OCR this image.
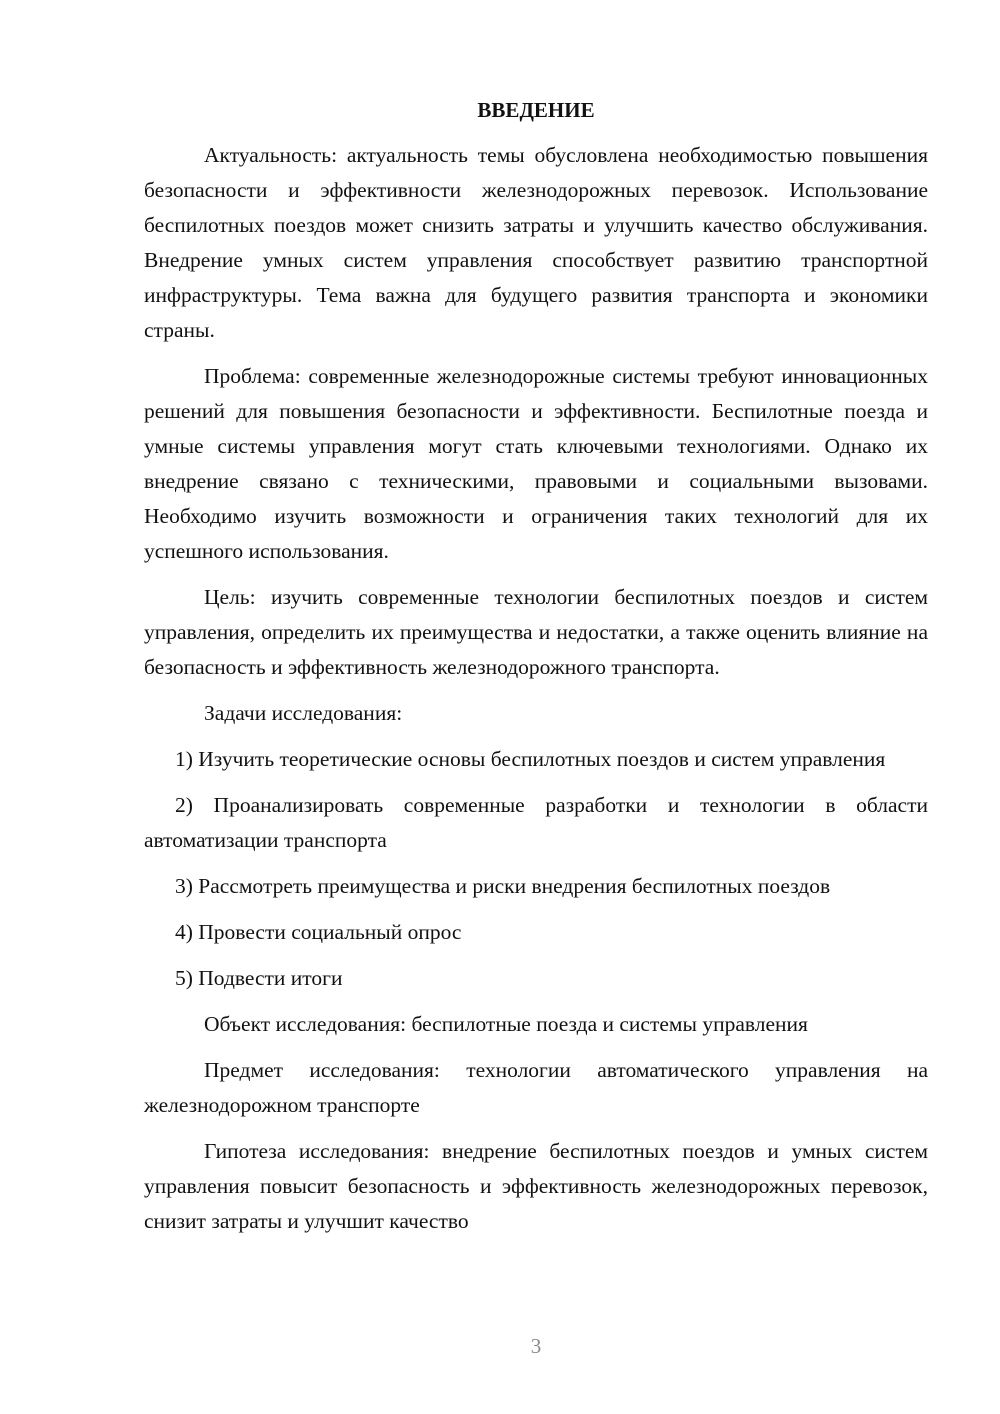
ВВЕДЕНИЕ

Актуальность: актуальность темы обусловлена необходимостью повышения безопасности и эффективности железнодорожных перевозок. Использование беспилотных поездов может снизить затраты и улучшить качество обслуживания. Внедрение умных систем управления способствует развитию транспортной инфраструктуры. Тема важна для будущего развития транспорта и экономики страны.

Проблема: современные железнодорожные системы требуют инновационных решений для повышения безопасности и эффективности. Беспилотные поезда и умные системы управления могут стать ключевыми технологиями. Однако их внедрение связано с техническими, правовыми и социальными вызовами. Необходимо изучить возможности и ограничения таких технологий для их успешного использования.

Цель: изучить современные технологии беспилотных поездов и систем управления, определить их преимущества и недостатки, а также оценить влияние на безопасность и эффективность железнодорожного транспорта.

Задачи исследования:

1) Изучить теоретические основы беспилотных поездов и систем управления

2) Проанализировать современные разработки и технологии в области автоматизации транспорта

3) Рассмотреть преимущества и риски внедрения беспилотных поездов

4) Провести социальный опрос

5) Подвести итоги

Объект исследования: беспилотные поезда и системы управления

Предмет исследования: технологии автоматического управления на железнодорожном транспорте

Гипотеза исследования: внедрение беспилотных поездов и умных систем управления повысит безопасность и эффективность железнодорожных перевозок, снизит затраты и улучшит качество

3
